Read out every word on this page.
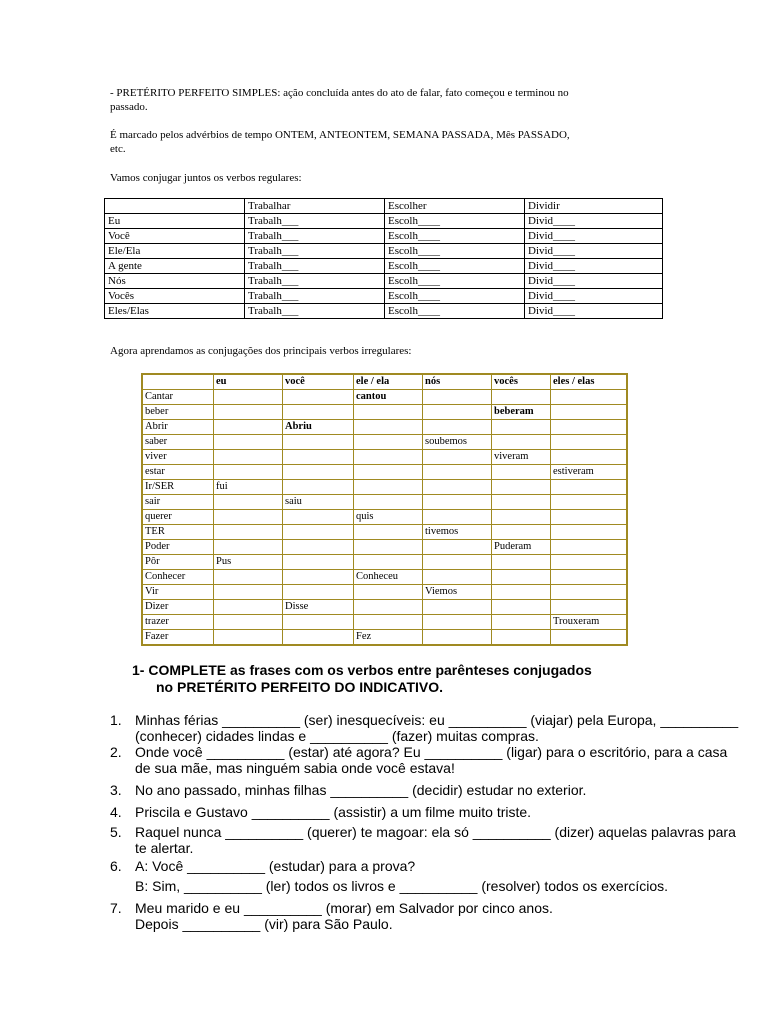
- PRETÉRITO PERFEITO SIMPLES: ação concluída antes do ato de falar, fato começou e terminou no
passado.
É marcado pelos advérbios de tempo ONTEM, ANTEONTEM, SEMANA PASSADA, Mês PASSADO,
etc.
Vamos conjugar juntos os verbos regulares:
	Trabalhar	Escolher	Dividir
Eu	Trabalh___	Escolh____	Divid____
Você	Trabalh___	Escolh____	Divid____
Ele/Ela	Trabalh___	Escolh____	Divid____
A gente	Trabalh___	Escolh____	Divid____
Nós	Trabalh___	Escolh____	Divid____
Vocês	Trabalh___	Escolh____	Divid____
Eles/Elas	Trabalh___	Escolh____	Divid____
Agora aprendamos as conjugações dos principais verbos irregulares:
	eu	você	ele / ela	nós	vocês	eles / elas
Cantar			cantou			
beber					beberam	
Abrir		Abriu				
saber				soubemos		
viver					viveram	
estar						estiveram
Ir/SER	fui					
sair		saiu				
querer			quis			
TER				tivemos		
Poder					Puderam	
Pôr	Pus					
Conhecer			Conheceu			
Vir				Viemos		
Dizer		Disse				
trazer						Trouxeram
Fazer			Fez			
1- COMPLETE as frases com os verbos entre parênteses conjugados
no PRETÉRITO PERFEITO DO INDICATIVO.
1. Minhas férias __________ (ser) inesquecíveis: eu __________ (viajar) pela Europa, __________
(conhecer) cidades lindas e __________ (fazer) muitas compras.
2. Onde você __________ (estar) até agora? Eu __________ (ligar) para o escritório, para a casa
de sua mãe, mas ninguém sabia onde você estava!
3. No ano passado, minhas filhas __________ (decidir) estudar no exterior.
4. Priscila e Gustavo __________ (assistir) a um filme muito triste.
5. Raquel nunca __________ (querer) te magoar: ela só __________ (dizer) aquelas palavras para
te alertar.
6. A: Você __________ (estudar) para a prova?
B: Sim, __________ (ler) todos os livros e __________ (resolver) todos os exercícios.
7. Meu marido e eu __________ (morar) em Salvador por cinco anos.
Depois __________ (vir) para São Paulo.
